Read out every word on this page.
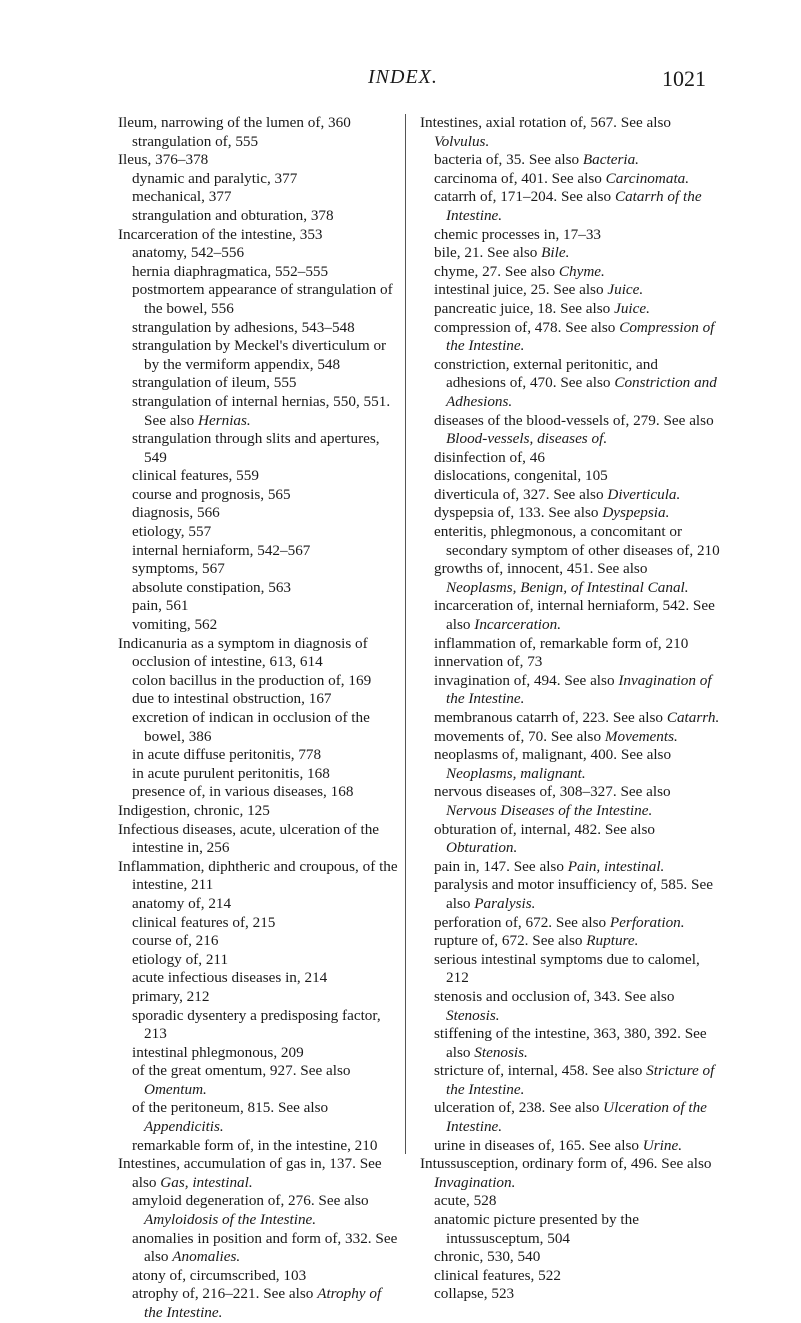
INDEX.	1021
Ileum, narrowing of the lumen of, 360
strangulation of, 555
Ileus, 376–378
dynamic and paralytic, 377
mechanical, 377
strangulation and obturation, 378
Incarceration of the intestine, 353
anatomy, 542–556
hernia diaphragmatica, 552–555
postmortem appearance of strangulation of the bowel, 556
strangulation by adhesions, 543–548
strangulation by Meckel's diverticulum or by the vermiform appendix, 548
strangulation of ileum, 555
strangulation of internal hernias, 550, 551. See also Hernias.
strangulation through slits and apertures, 549
clinical features, 559
course and prognosis, 565
diagnosis, 566
etiology, 557
internal herniaform, 542–567
symptoms, 567
absolute constipation, 563
pain, 561
vomiting, 562
Indicanuria as a symptom in diagnosis of occlusion of intestine, 613, 614
colon bacillus in the production of, 169
due to intestinal obstruction, 167
excretion of indican in occlusion of the bowel, 386
in acute diffuse peritonitis, 778
in acute purulent peritonitis, 168
presence of, in various diseases, 168
Indigestion, chronic, 125
Infectious diseases, acute, ulceration of the intestine in, 256
Inflammation, diphtheric and croupous, of the intestine, 211
anatomy of, 214
clinical features of, 215
course of, 216
etiology of, 211
acute infectious diseases in, 214
primary, 212
sporadic dysentery a predisposing factor, 213
intestinal phlegmonous, 209
of the great omentum, 927. See also Omentum.
of the peritoneum, 815. See also Appendicitis.
remarkable form of, in the intestine, 210
Intestines, accumulation of gas in, 137. See also Gas, intestinal.
amyloid degeneration of, 276. See also Amyloidosis of the Intestine.
anomalies in position and form of, 332. See also Anomalies.
atony of, circumscribed, 103
atrophy of, 216–221. See also Atrophy of the Intestine.
Intestines, axial rotation of, 567. See also Volvulus.
bacteria of, 35. See also Bacteria.
carcinoma of, 401. See also Carcinomata.
catarrh of, 171–204. See also Catarrh of the Intestine.
chemic processes in, 17–33
bile, 21. See also Bile.
chyme, 27. See also Chyme.
intestinal juice, 25. See also Juice.
pancreatic juice, 18. See also Juice.
compression of, 478. See also Compression of the Intestine.
constriction, external peritonitic, and adhesions of, 470. See also Constriction and Adhesions.
diseases of the blood-vessels of, 279. See also Blood-vessels, diseases of.
disinfection of, 46
dislocations, congenital, 105
diverticula of, 327. See also Diverticula.
dyspepsia of, 133. See also Dyspepsia.
enteritis, phlegmonous, a concomitant or secondary symptom of other diseases of, 210
growths of, innocent, 451. See also Neoplasms, Benign, of Intestinal Canal.
incarceration of, internal herniaform, 542. See also Incarceration.
inflammation of, remarkable form of, 210
innervation of, 73
invagination of, 494. See also Invagination of the Intestine.
membranous catarrh of, 223. See also Catarrh.
movements of, 70. See also Movements.
neoplasms of, malignant, 400. See also Neoplasms, malignant.
nervous diseases of, 308–327. See also Nervous Diseases of the Intestine.
obturation of, internal, 482. See also Obturation.
pain in, 147. See also Pain, intestinal.
paralysis and motor insufficiency of, 585. See also Paralysis.
perforation of, 672. See also Perforation.
rupture of, 672. See also Rupture.
serious intestinal symptoms due to calomel, 212
stenosis and occlusion of, 343. See also Stenosis.
stiffening of the intestine, 363, 380, 392. See also Stenosis.
stricture of, internal, 458. See also Stricture of the Intestine.
ulceration of, 238. See also Ulceration of the Intestine.
urine in diseases of, 165. See also Urine.
Intussusception, ordinary form of, 496. See also Invagination.
acute, 528
anatomic picture presented by the intussusceptum, 504
chronic, 530, 540
clinical features, 522
collapse, 523
